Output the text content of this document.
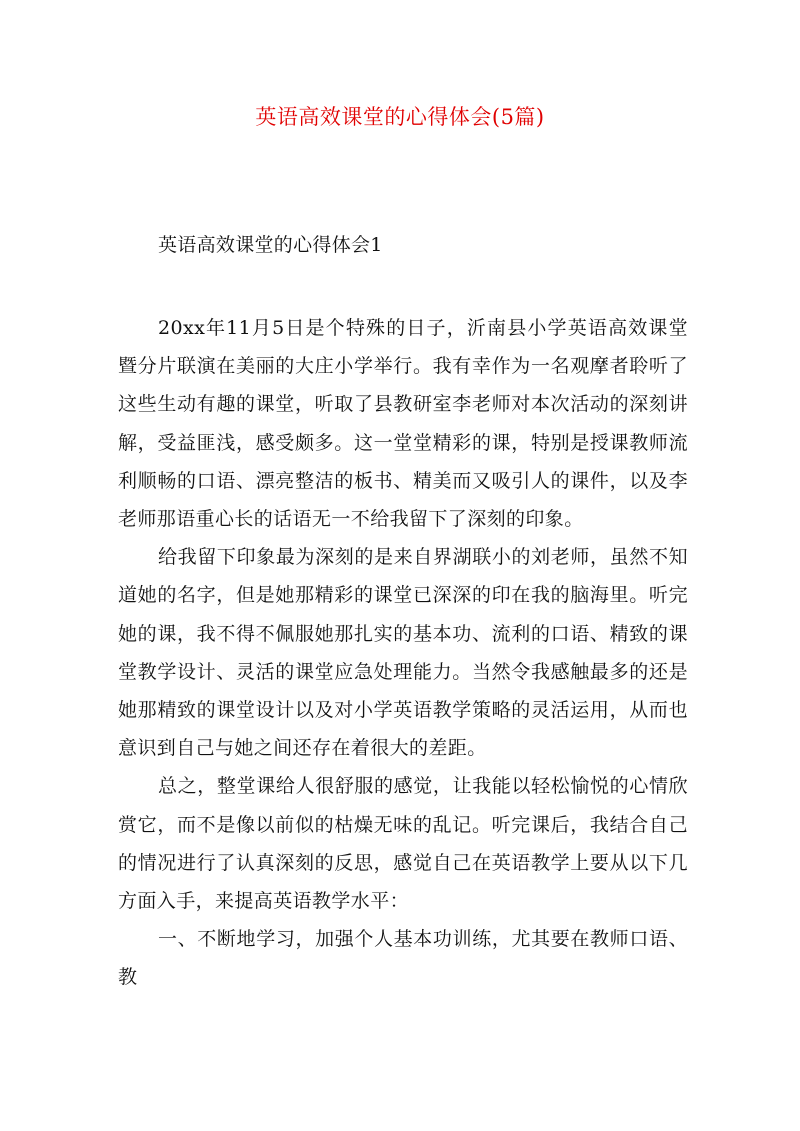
英语高效课堂的心得体会(5篇)
英语高效课堂的心得体会1

20xx年11月5日是个特殊的日子，沂南县小学英语高效课堂暨分片联演在美丽的大庄小学举行。我有幸作为一名观摩者聆听了这些生动有趣的课堂，听取了县教研室李老师对本次活动的深刻讲解，受益匪浅，感受颇多。这一堂堂精彩的课，特别是授课教师流利顺畅的口语、漂亮整洁的板书、精美而又吸引人的课件，以及李老师那语重心长的话语无一不给我留下了深刻的印象。

给我留下印象最为深刻的是来自界湖联小的刘老师，虽然不知道她的名字，但是她那精彩的课堂已深深的印在我的脑海里。听完她的课，我不得不佩服她那扎实的基本功、流利的口语、精致的课堂教学设计、灵活的课堂应急处理能力。当然令我感触最多的还是她那精致的课堂设计以及对小学英语教学策略的灵活运用，从而也意识到自己与她之间还存在着很大的差距。

总之，整堂课给人很舒服的感觉，让我能以轻松愉悦的心情欣赏它，而不是像以前似的枯燥无味的乱记。听完课后，我结合自己的情况进行了认真深刻的反思，感觉自己在英语教学上要从以下几方面入手，来提高英语教学水平：

一、不断地学习，加强个人基本功训练，尤其要在教师口语、教
